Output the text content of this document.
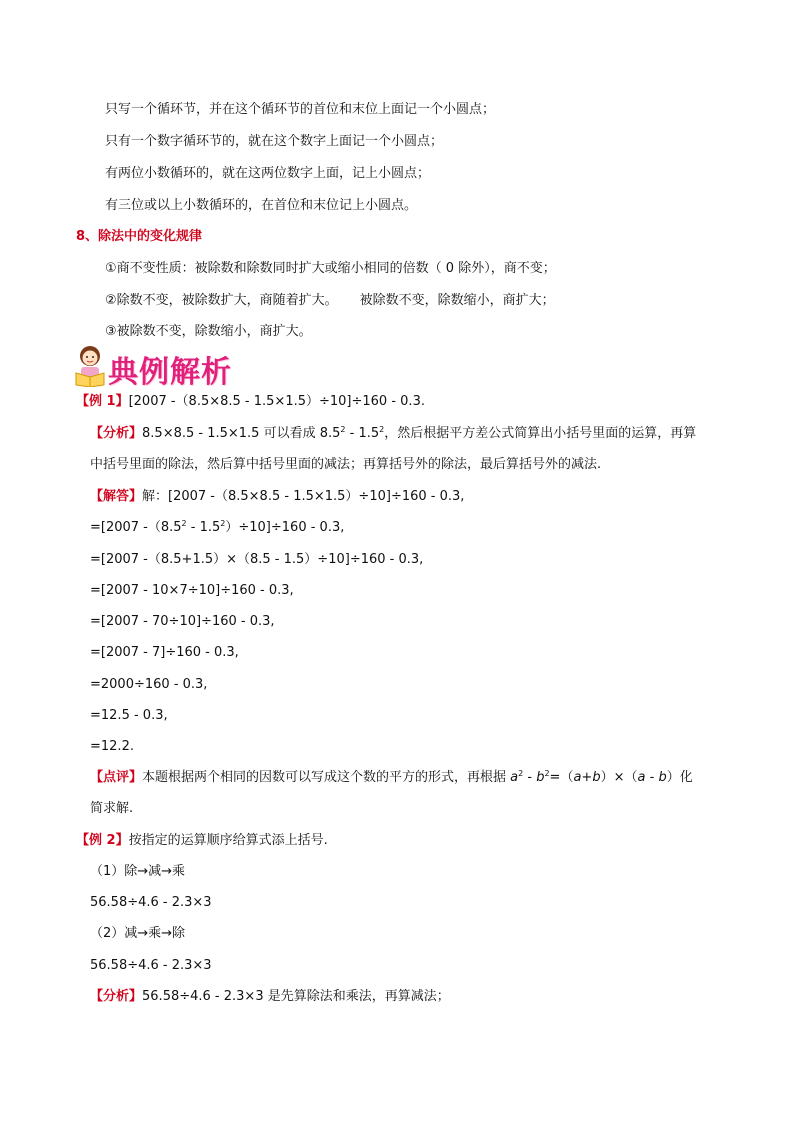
只写一个循环节，并在这个循环节的首位和末位上面记一个小圆点；
只有一个数字循环节的，就在这个数字上面记一个小圆点；
有两位小数循环的，就在这两位数字上面，记上小圆点；
有三位或以上小数循环的，在首位和末位记上小圆点。
8、除法中的变化规律
①商不变性质：被除数和除数同时扩大或缩小相同的倍数（ 0 除外），商不变；
②除数不变，被除数扩大，商随着扩大。 被除数不变，除数缩小，商扩大；
③被除数不变，除数缩小，商扩大。
典例解析
【例 1】[2007 -（8.5×8.5 - 1.5×1.5）÷10]÷160 - 0.3.
【分析】8.5×8.5 - 1.5×1.5 可以看成 $8.5^2 - 1.5^2$，然后根据平方差公式简算出小括号里面的运算，再算
中括号里面的除法，然后算中括号里面的减法；再算括号外的除法，最后算括号外的减法.
【解答】解：[2007 -（8.5×8.5 - 1.5×1.5）÷10]÷160 - 0.3,
=[2007 $-(8.5^2 - 1.5^2)\div 10]\div 160 - 0.3$,
=[2007 -（8.5+1.5）×（8.5 - 1.5）÷10]÷160 - 0.3,
=[2007 - 10×7÷10]÷160 - 0.3,
=[2007 - 70÷10]÷160 - 0.3,
=[2007 - 7]÷160 - 0.3,
=2000÷160 - 0.3,
=12.5 - 0.3,
=12.2.
【点评】本题根据两个相同的因数可以写成这个数的平方的形式，再根据 $a^2 - b^2=(a+b)\times(a - b)$化
简求解.
【例 2】按指定的运算顺序给算式添上括号.
（1）除→减→乘
56.58÷4.6 - 2.3×3
（2）减→乘→除
56.58÷4.6 - 2.3×3
【分析】56.58÷4.6 - 2.3×3 是先算除法和乘法，再算减法；
